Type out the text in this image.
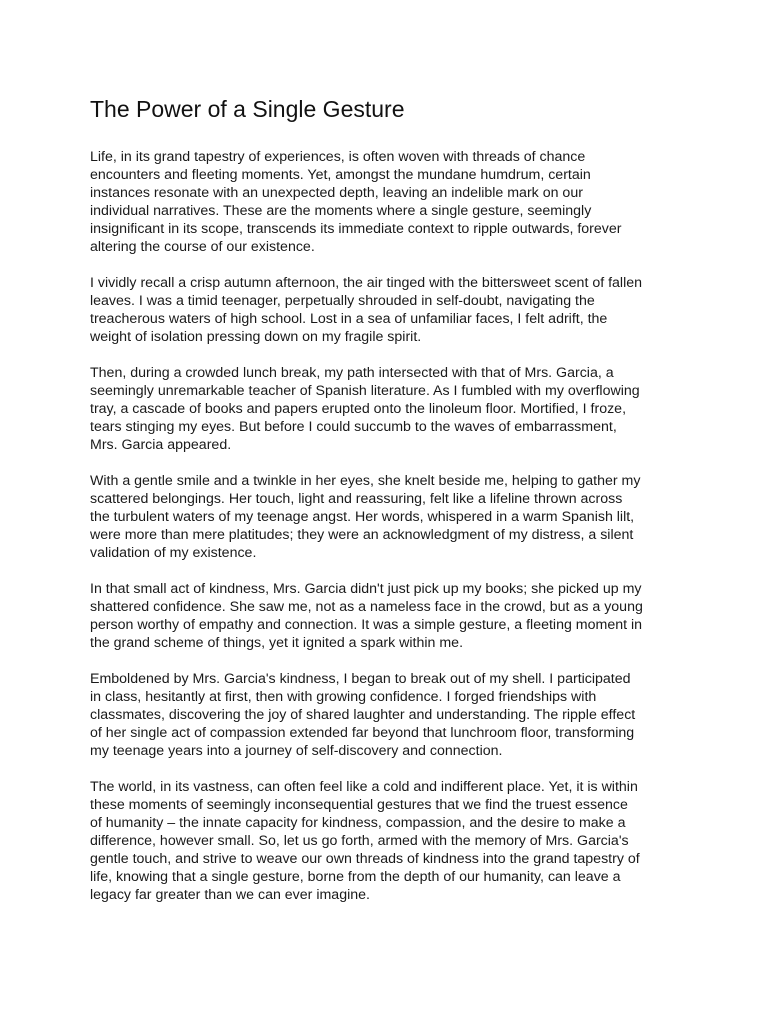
The Power of a Single Gesture

Life, in its grand tapestry of experiences, is often woven with threads of chance
encounters and fleeting moments. Yet, amongst the mundane humdrum, certain
instances resonate with an unexpected depth, leaving an indelible mark on our
individual narratives. These are the moments where a single gesture, seemingly
insignificant in its scope, transcends its immediate context to ripple outwards, forever
altering the course of our existence.

I vividly recall a crisp autumn afternoon, the air tinged with the bittersweet scent of fallen
leaves. I was a timid teenager, perpetually shrouded in self-doubt, navigating the
treacherous waters of high school. Lost in a sea of unfamiliar faces, I felt adrift, the
weight of isolation pressing down on my fragile spirit.

Then, during a crowded lunch break, my path intersected with that of Mrs. Garcia, a
seemingly unremarkable teacher of Spanish literature. As I fumbled with my overflowing
tray, a cascade of books and papers erupted onto the linoleum floor. Mortified, I froze,
tears stinging my eyes. But before I could succumb to the waves of embarrassment,
Mrs. Garcia appeared.

With a gentle smile and a twinkle in her eyes, she knelt beside me, helping to gather my
scattered belongings. Her touch, light and reassuring, felt like a lifeline thrown across
the turbulent waters of my teenage angst. Her words, whispered in a warm Spanish lilt,
were more than mere platitudes; they were an acknowledgment of my distress, a silent
validation of my existence.

In that small act of kindness, Mrs. Garcia didn't just pick up my books; she picked up my
shattered confidence. She saw me, not as a nameless face in the crowd, but as a young
person worthy of empathy and connection. It was a simple gesture, a fleeting moment in
the grand scheme of things, yet it ignited a spark within me.

Emboldened by Mrs. Garcia's kindness, I began to break out of my shell. I participated
in class, hesitantly at first, then with growing confidence. I forged friendships with
classmates, discovering the joy of shared laughter and understanding. The ripple effect
of her single act of compassion extended far beyond that lunchroom floor, transforming
my teenage years into a journey of self-discovery and connection.

The world, in its vastness, can often feel like a cold and indifferent place. Yet, it is within
these moments of seemingly inconsequential gestures that we find the truest essence
of humanity – the innate capacity for kindness, compassion, and the desire to make a
difference, however small. So, let us go forth, armed with the memory of Mrs. Garcia's
gentle touch, and strive to weave our own threads of kindness into the grand tapestry of
life, knowing that a single gesture, borne from the depth of our humanity, can leave a
legacy far greater than we can ever imagine.
